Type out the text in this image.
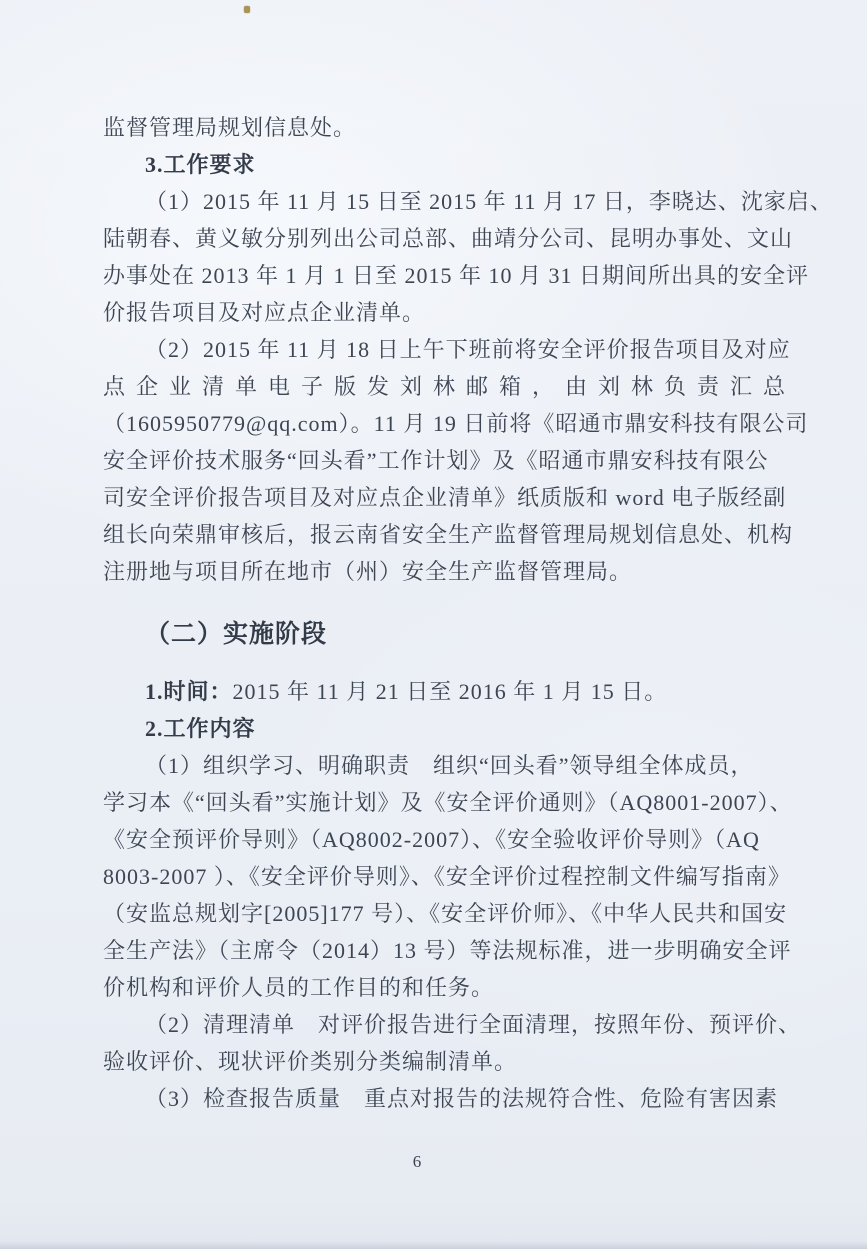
监督管理局规划信息处。
3.工作要求
（1）2015 年 11 月 15 日至 2015 年 11 月 17 日，李晓达、沈家启、
陆朝春、黄义敏分别列出公司总部、曲靖分公司、昆明办事处、文山
办事处在 2013 年 1 月 1 日至 2015 年 10 月 31 日期间所出具的安全评
价报告项目及对应点企业清单。
（2）2015 年 11 月 18 日上午下班前将安全评价报告项目及对应
点企业清单电子版发刘林邮箱，由刘林负责汇总
（1605950779@qq.com）。11 月 19 日前将《昭通市鼎安科技有限公司
安全评价技术服务“回头看”工作计划》及《昭通市鼎安科技有限公
司安全评价报告项目及对应点企业清单》纸质版和 word 电子版经副
组长向荣鼎审核后，报云南省安全生产监督管理局规划信息处、机构
注册地与项目所在地市（州）安全生产监督管理局。
（二）实施阶段
1.时间：2015 年 11 月 21 日至 2016 年 1 月 15 日。
2.工作内容
（1）组织学习、明确职责　组织“回头看”领导组全体成员，
学习本《“回头看”实施计划》及《安全评价通则》（AQ8001-2007）、
《安全预评价导则》（AQ8002-2007）、《安全验收评价导则》（AQ
8003-2007 ）、《安全评价导则》、《安全评价过程控制文件编写指南》
（安监总规划字[2005]177 号）、《安全评价师》、《中华人民共和国安
全生产法》（主席令（2014）13 号）等法规标准，进一步明确安全评
价机构和评价人员的工作目的和任务。
（2）清理清单　对评价报告进行全面清理，按照年份、预评价、
验收评价、现状评价类别分类编制清单。
（3）检查报告质量　重点对报告的法规符合性、危险有害因素
6
